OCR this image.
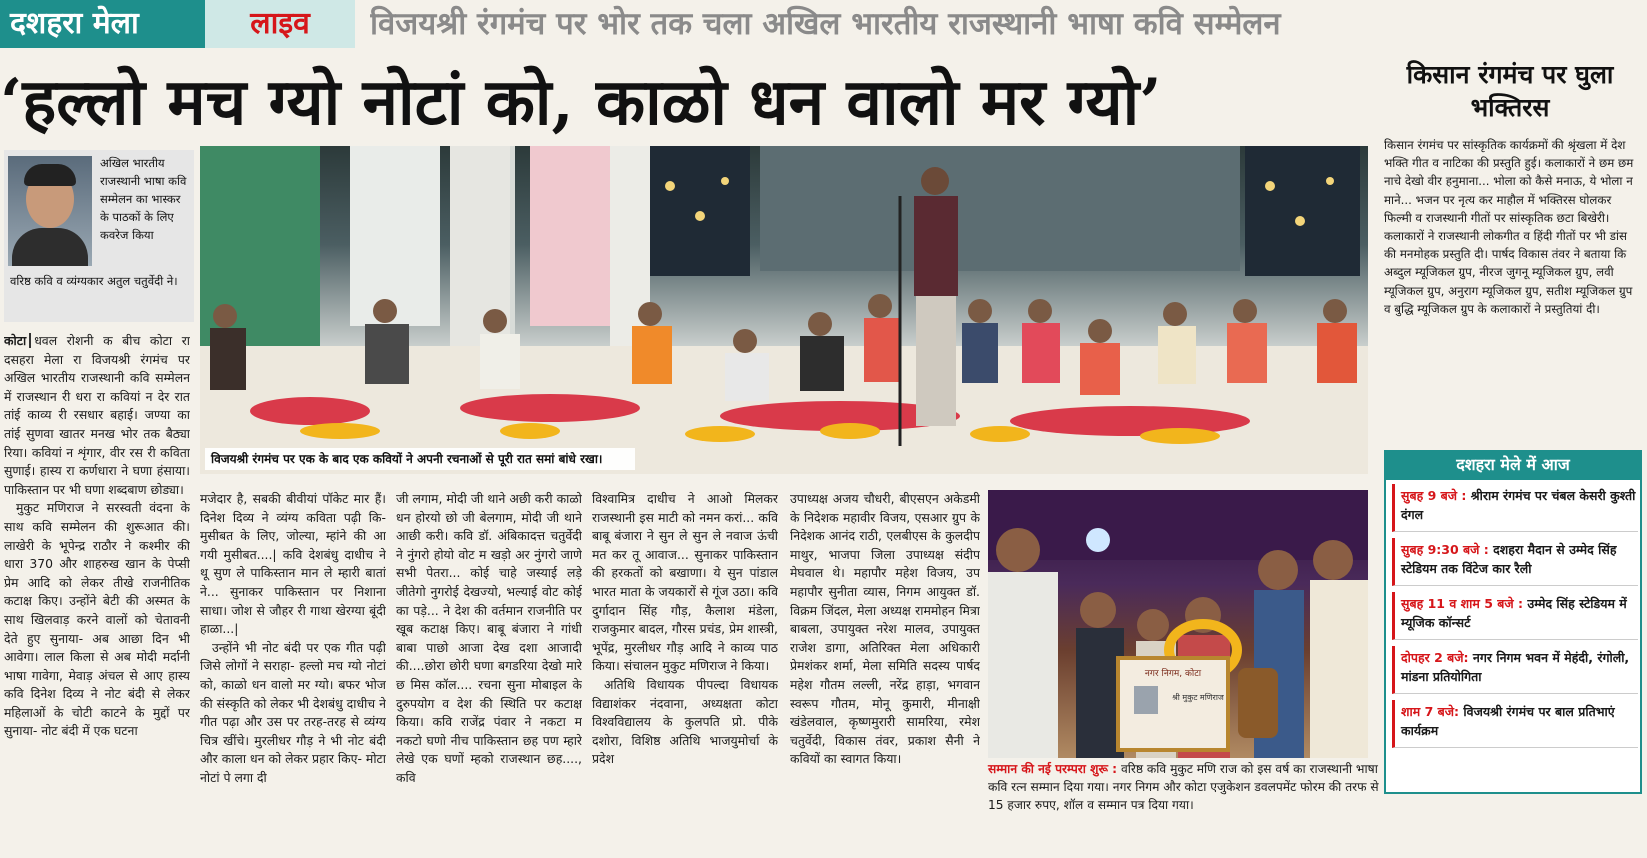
दशहरा मेला	लाइव	विजयश्री रंगमंच पर भोर तक चला अखिल भारतीय राजस्थानी भाषा कवि सम्मेलन
‘हल्लो मच ग्यो नोटां को, काळो धन वालो मर ग्यो’
अखिल भारतीय राजस्थानी भाषा कवि सम्मेलन का भास्कर के पाठकों के लिए कवरेज किया
वरिष्ठ कवि व व्यंग्यकार अतुल चतुर्वेदी ने।
विजयश्री रंगमंच पर एक के बाद एक कवियों ने अपनी रचनाओं से पूरी रात समां बांधे रखा।

कोटा धवल रोशनी क बीच कोटा रा दसहरा मेला रा विजयश्री रंगमंच पर अखिल भारतीय राजस्थानी कवि सम्मेलन में राजस्थान री धरा रा कवियां न देर रात तांई काव्य री रसधार बहाई। जण्या का तांई सुणवा खातर मनख भोर तक बैठ्या रिया। कवियां न शृंगार, वीर रस री कविता सुणाई। हास्य रा कर्णधारा ने घणा हंसाया। पाकिस्तान पर भी घणा शब्दबाण छोड्या।

मुकुट मणिराज ने सरस्वती वंदना के साथ कवि सम्मेलन की शुरूआत की। लाखेरी के भूपेन्द्र राठौर ने कश्मीर की धारा 370 और शाहरुख खान के पेप्सी प्रेम आदि को लेकर तीखे राजनीतिक कटाक्ष किए। उन्होंने बेटी की अस्मत के साथ खिलवाड़ करने वालों को चेतावनी देते हुए सुनाया- अब आछा दिन भी आवेगा। लाल किला से अब मोदी मर्दानी भाषा गावेगा, मेवाड़ अंचल से आए हास्य कवि दिनेश दिव्य ने नोट बंदी से लेकर महिलाओं के चोटी काटने के मुद्दों पर सुनाया- नोट बंदी में एक घटना

मजेदार है, सबकी बीवीयां पॉकेट मार हैं। दिनेश दिव्य ने व्यंग्य कविता पढ़ी कि- मुसीबत के लिए, जोल्या, म्हांने की आ गयी मुसीबत....| कवि देशबंधु दाधीच ने थू सुण ले पाकिस्तान मान ले म्हारी बातां ने... सुनाकर पाकिस्तान पर निशाना साधा। जोश से जौहर री गाथा खेरग्या बूंदी हाळा...|

उन्होंने भी नोट बंदी पर एक गीत पढ़ी जिसे लोगों ने सराहा- हल्लो मच ग्यो नोटां को, काळो धन वालो मर ग्यो। बफर भोज की संस्कृति को लेकर भी देशबंधु दाधीच ने गीत पढ़ा और उस पर तरह-तरह से व्यंग्य चित्र खींचे। मुरलीधर गौड़ ने भी नोट बंदी और काला धन को लेकर प्रहार किए- मोटा नोटां पे लगा दी

जी लगाम, मोदी जी थाने अछी करी काळो धन होरयो छो जी बेलगाम, मोदी जी थाने आछी करी। कवि डॉ. अंबिकादत्त चतुर्वेदी ने नुंगरो होयो वोट म खड़ो अर नुंगरो जाणे सभी पेतरा... कोई चाहे जस्याई लड़े जीतेगो नुगरोई देखज्यो, भल्याई वोट कोई का पड़े... ने देश की वर्तमान राजनीति पर खूब कटाक्ष किए। बाबू बंजारा ने गांधी बाबा पाछो आजा देख दशा आजादी की....छोरा छोरी घणा बगडरिया देखो मारे छ मिस कॉल.... रचना सुना मोबाइल के दुरुपयोग व देश की स्थिति पर कटाक्ष किया। कवि राजेंद्र पंवार ने नकटा म नकटो घणो नीच पाकिस्तान छह पण म्हारे लेखे एक घणों म्हको राजस्थान छह...., कवि

विश्वामित्र दाधीच ने आओ मिलकर राजस्थानी इस माटी को नमन करां... कवि बाबू बंजारा ने सुन ले सुन ले नवाज ऊंची मत कर तू आवाज... सुनाकर पाकिस्तान की हरकतों को बखाणा। ये सुन पांडाल भारत माता के जयकारों से गूंज उठा। कवि दुर्गादान सिंह गौड़, कैलाश मंडेला, राजकुमार बादल, गौरस प्रचंड, प्रेम शास्त्री, भूपेंद्र, मुरलीधर गौड़ आदि ने काव्य पाठ किया। संचालन मुकुट मणिराज ने किया।

अतिथि विधायक पीपल्दा विधायक विद्याशंकर नंदवाना, अध्यक्षता कोटा विश्वविद्यालय के कुलपति प्रो. पीके दशोरा, विशिष्ठ अतिथि भाजयुमोर्चा के प्रदेश

उपाध्यक्ष अजय चौधरी, बीएसएन अकेडमी के निदेशक महावीर विजय, एसआर ग्रुप के निदेशक आनंद राठी, एलबीएस के कुलदीप माथुर, भाजपा जिला उपाध्यक्ष संदीप मेघवाल थे। महापौर महेश विजय, उप महापौर सुनीता व्यास, निगम आयुक्त डॉ. विक्रम जिंदल, मेला अध्यक्ष राममोहन मित्रा बाबला, उपायुक्त नरेश मालव, उपायुक्त राजेश डागा, अतिरिक्त मेला अधिकारी प्रेमशंकर शर्मा, मेला समिति सदस्य पार्षद महेश गौतम लल्ली, नरेंद्र हाड़ा, भगवान स्वरूप गौतम, मोनू कुमारी, मीनाक्षी खंडेलवाल, कृष्णमुरारी सामरिया, रमेश चतुर्वेदी, विकास तंवर, प्रकाश सैनी ने कवियों का स्वागत किया।

नगर निगम, कोटा
श्री मुकुट मणिराज
सम्मान की नई परम्परा शुरू : वरिष्ठ कवि मुकुट मणि राज को इस वर्ष का राजस्थानी भाषा कवि रत्न सम्मान दिया गया। नगर निगम और कोटा एजुकेशन डवलपमेंट फोरम की तरफ से 15 हजार रुपए, शॉल व सम्मान पत्र दिया गया।
किसान रंगमंच पर घुला भक्तिरस
किसान रंगमंच पर सांस्कृतिक कार्यक्रमों की श्रृंखला में देश भक्ति गीत व नाटिका की प्रस्तुति हुई। कलाकारों ने छम छम नाचे देखो वीर हनुमाना... भोला को कैसे मनाऊ, ये भोला न माने... भजन पर नृत्य कर माहौल में भक्तिरस घोलकर फिल्मी व राजस्थानी गीतों पर सांस्कृतिक छटा बिखेरी। कलाकारों ने राजस्थानी लोकगीत व हिंदी गीतों पर भी डांस की मनमोहक प्रस्तुति दी। पार्षद विकास तंवर ने बताया कि अब्दुल म्यूजिकल ग्रुप, नीरज जुगनू म्यूजिकल ग्रुप, लवी म्यूजिकल ग्रुप, अनुराग म्यूजिकल ग्रुप, सतीश म्यूजिकल ग्रुप व बुद्धि म्यूजिकल ग्रुप के कलाकारों ने प्रस्तुतियां दी।
दशहरा मेले में आज
सुबह 9 बजे : श्रीराम रंगमंच पर चंबल केसरी कुश्ती दंगल
सुबह 9:30 बजे : दशहरा मैदान से उम्मेद सिंह स्टेडियम तक विंटेज कार रैली
सुबह 11 व शाम 5 बजे : उम्मेद सिंह स्टेडियम में म्यूजिक कॉन्सर्ट
दोपहर 2 बजे: नगर निगम भवन में मेहंदी, रंगोली, मांडना प्रतियोगिता
शाम 7 बजे: विजयश्री रंगमंच पर बाल प्रतिभाएं कार्यक्रम
